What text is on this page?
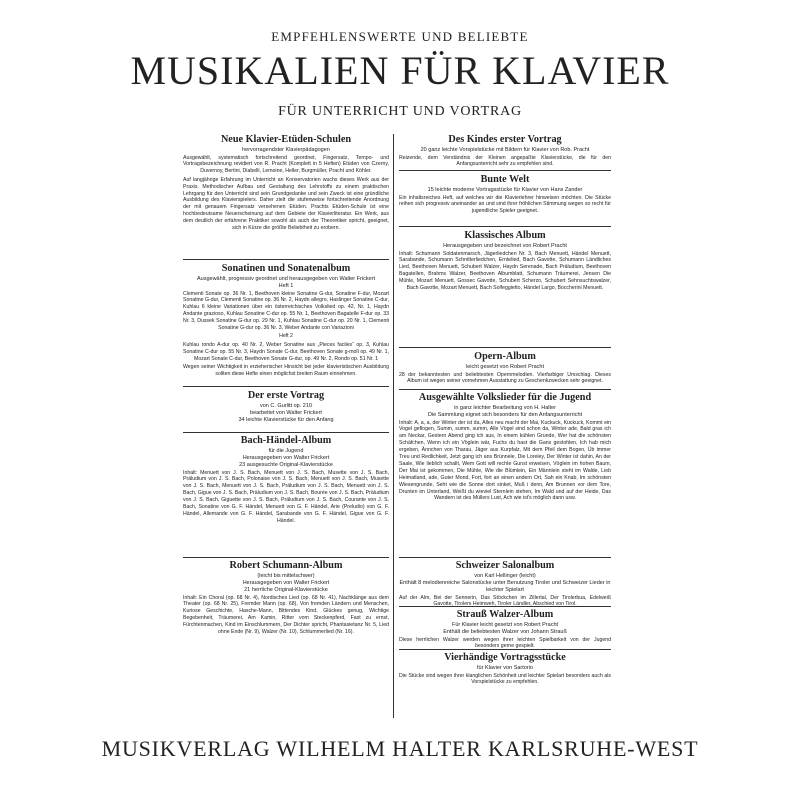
EMPFEHLENSWERTE UND BELIEBTE
MUSIKALIEN FÜR KLAVIER
FÜR UNTERRICHT UND VORTRAG
Neue Klavier-Etüden-Schulen
hervorragendster Klavierpädagogen
Ausgewählt, systematisch fortschreitend geordnet, Fingersatz, Tempo- und Vortragsbezeichnung revidiert von R. Pracht (Komplett in 5 Heften) Etüden von Czerny, Duvernoy, Bertini, Diabelli, Lemoine, Heller, Burgmüller, Pracht und Köhler.
Auf langjährige Erfahrung im Unterricht an Konservatorien wuchs dieses Werk aus der Praxis. Methodischer Aufbau und Gestaltung des Lehrstoffs zu einem praktischen Lehrgang für den Unterricht sind sein Grundgedanke und sein Zweck ist eine gründliche Ausbildung des Klavierspielers. Daher zielt die stufenweise fortschreitende Anordnung der mit genauem Fingersatz versehenen Etüden. Prachts Etüden-Schule ist eine hochbedeutsame Neuerscheinung auf dem Gebiete der Klavierliteratur. Ein Werk, aus dem deutlich der erfahrene Praktiker sowohl als auch der Theoretiker spricht, geeignet, sich in Kürze die größte Beliebtheit zu erobern.
Sonatinen und Sonatenalbum
Ausgewählt, progressiv geordnet und herausgegeben von Walter Frickert
Heft 1
Clementi Sonate op. 36 Nr. 1, Beethoven kleine Sonatine G-dur, Sonatine F-dur, Mozart Sonatine G-dur, Clementi Sonatine op. 36 Nr. 2, Haydn allegro, Haslinger Sonatine C-dur, Kuhlau 6 kleine Variationen über ein österreichisches Volkslied op. 42, Nr. 1, Haydn Andante grazioso, Kuhlau Sonatine C-dur op. 55 Nr. 1, Beethoven Bagatelle F-dur op. 33 Nr. 3, Dussek Sonatine G-dur op. 29 Nr. 1, Kuhlau Sonatine C-dur op. 20 Nr. 1, Clementi Sonatine G-dur op. 36 Nr. 3, Weber Andante con Variazioni
Heft 2
Kuhlau rondo A-dur op. 40 Nr. 2, Weber Sonatine aus „Pieces faciles“ op. 3, Kuhlau Sonatine C-dur op. 55 Nr. 3, Haydn Sonate C-dur, Beethoven Sonate g-moll op. 49 Nr. 1, Mozart Sonate C-dur, Beethoven Sonate G-dur, op. 49 Nr. 2, Rondo op. 51 Nr. 1
Wegen seiner Wichtigkeit in erzieherischer Hinsicht bei jeder klavieristischen Ausbildung sollten diese Hefte einen möglichst breiten Raum einnehmen.
Der erste Vortrag
von C. Gurlitt op. 210
bearbeitet von Walter Frickert
34 leichte Klavierstücke für den Anfang
Bach-Händel-Album
für die Jugend
Herausgegeben von Walter Frickert
23 ausgesuchte Original-Klavierstücke
Inhalt: Menuett von J. S. Bach, Menuett von J. S. Bach, Musette von J. S. Bach, Präludium von J. S. Bach, Polonaise von J. S. Bach, Menuett von J. S. Bach, Musette von J. S. Bach, Menuett von J. S. Bach, Präludium von J. S. Bach, Menuett von J. S. Bach, Gigue von J. S. Bach, Präludium von J. S. Bach, Bourée von J. S. Bach, Präludium von J. S. Bach, Giguette von J. S. Bach, Präludium von J. S. Bach, Courante von J. S. Bach, Sonatine von G. F. Händel, Menuett von G. F. Händel, Arie (Preludio) von G. F. Händel, Allemande von G. F. Händel, Sarabande von G. F. Händel, Gigue von G. F. Händel.
Robert Schumann-Album
(leicht bis mittelschwer)
Herausgegeben von Walter Frickert
21 herrliche Original-Klavierstücke
Inhalt: Ein Choral (op. 68 Nr. 4), Nordisches Lied (op. 68 Nr. 41), Nachklänge aus dem Theater (op. 68 Nr. 25), Fremder Mann (op. 68), Von fremden Ländern und Menschen, Kuriose Geschichte, Hasche-Mann, Bittendes Kind, Glückes genug, Wichtige Begebenheit, Träumerei, Am Kamin, Ritter vom Steckenpferd, Fast zu ernst, Fürchtenmachen, Kind im Einschlummern, Der Dichter spricht, Phantasietanz Nr. 5, Lied ohne Ende (Nr. 9), Walzer (Nr. 10), Schlummerlied (Nr. 16).
Des Kindes erster Vortrag
20 ganz leichte Vorspielstücke mit Bildern für Klavier von Rob. Pracht
Reizende, dem Verständnis der Kleinen angepaßte Klavierstücke, die für den Anfangsunterricht sehr zu empfehlen sind.
Bunte Welt
15 leichte moderne Vortragsstücke für Klavier von Hans Zander
Ein inhaltsreiches Heft, auf welches wir die Klavierlehrer hinweisen möchten. Die Stücke reihen sich progressiv aneinander an und sind ihrer fröhlichen Stimmung wegen so recht für jugendliche Spieler geeignet.
Klassisches Album
Herausgegeben und bezeichnet von Robert Pracht
Inhalt: Schumann Soldatenmarsch, Jägerliedchen Nr. 3, Bach Menuett, Händel Menuett, Sarabande, Schumann Schnitterliedchen, Erntelied, Bach Gavotte, Schumann Ländliches Lied, Beethoven Menuett, Schubert Walzer, Haydn Serenade, Bach Präludium, Beethoven Bagatellen, Brahms Walzer, Beethoven Albumblatt, Schumann Träumerei, Jensen Die Mühle, Mozart Menuett, Gossec Gavotte, Schubert Scherzo, Schubert Sehnsuchtswalzer, Bach Gavotte, Mozart Menuett, Bach Solfeggietto, Händel Largo, Boccherini Menuett.
Opern-Album
leicht gesetzt von Robert Pracht
28 der bekanntesten und beliebtesten Opernmelodien. Vierfarbiger Umschlag. Dieses Album ist wegen seiner vornehmen Ausstattung zu Geschenkzwecken sehr geeignet.
Ausgewählte Volkslieder für die Jugend
in ganz leichter Bearbeitung von H. Halter
Die Sammlung eignet sich besonders für den Anfangsunterricht
Inhalt: A, a, a, der Winter der ist da, Alles neu macht der Mai, Kuckuck, Kuckuck, Kommt ein Vogel geflogen, Summ, summ, summ, Alle Vögel sind schon da, Winter ade, Bald gras ich am Neckar, Gestern Abend ging ich aus, In einem kühlen Grunde, Wer hat die schönsten Schäfchen, Wenn ich ein Vöglein wär, Fuchs du hast die Gans gestohlen, Ich hab mich ergeben, Ännchen von Tharau, Jäger aus Kurpfalz, Mit dem Pfeil dem Bogen, Üb immer Treu und Redlichkeit, Jetzt gang ich ans Brünnele, Die Loreley, Der Winter ist dahin, An der Saale, Wie lieblich schallt, Wem Gott will rechte Gunst erweisen, Vöglein im hohen Baum, Der Mai ist gekommen, Die Mühle, Wie die Blümlein, Ein Männlein steht im Walde, Lieb Heimatland, ade, Guter Mond, Fort, fort an einen andern Ort, Sah ein Knab, Im schönsten Wiesengrunde, Seht wie die Sonne dort sinket, Muß i denn, Am Brunnen vor dem Tore, Drunten im Unterland, Weißt du wieviel Sternlein stehen, Im Wald und auf der Heide, Das Wandern ist des Müllers Lust, Ach wie ist's möglich dann usw.
Schweizer Salonalbum
von Karl Hellinger (leicht)
Enthält 8 melodienreiche Salonstücke unter Benutzung Tiroler und Schweizer Lieder in leichter Spielart
Auf der Alm, Bei der Sennerin, Das Stöckchen im Zillertal, Der Tirolerbua, Edelweiß Gavotte, Tirolers Heimweh, Tiroler Ländler, Abschied von Tirol.
Strauß Walzer-Album
Für Klavier leicht gesetzt von Robert Pracht
Enthält die beliebtesten Walzer von Johann Strauß
Diese herrlichen Walzer werden wegen ihrer leichten Spielbarkeit von der Jugend besonders gerne gespielt.
Vierhändige Vortragsstücke
für Klavier von Sartorio
Die Stücke sind wegen ihrer klanglichen Schönheit und leichter Spielart besonders auch als Vorspielstücke zu empfehlen.
MUSIKVERLAG WILHELM HALTER KARLSRUHE-WEST
